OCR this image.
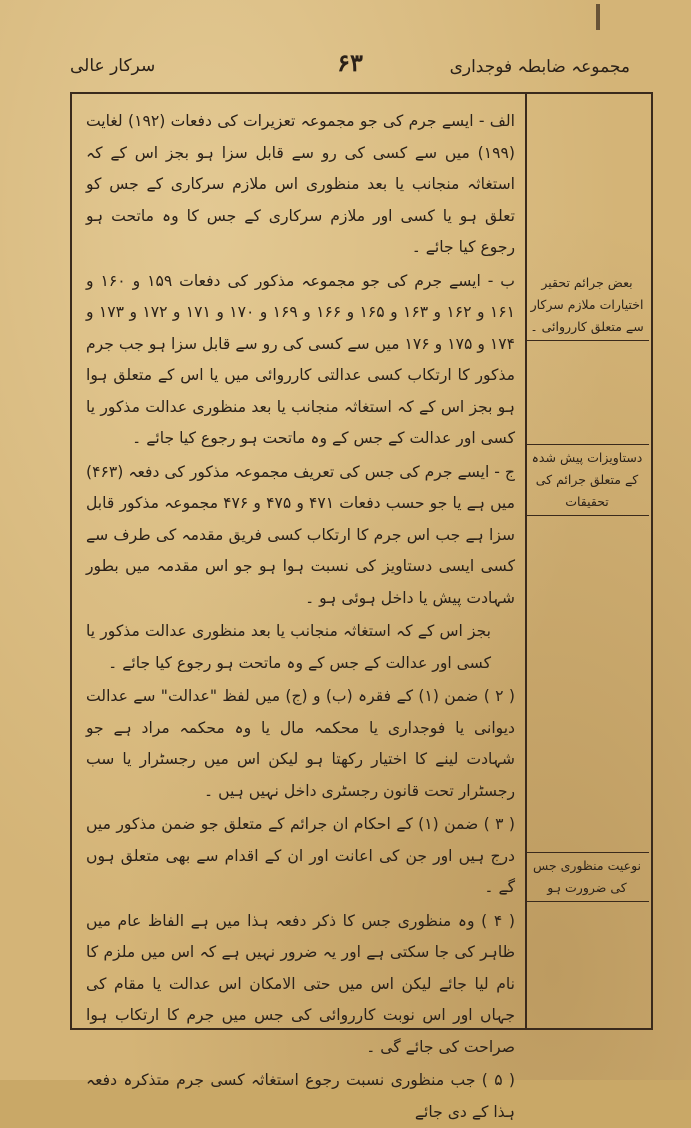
مجموعہ ضابطہ فوجداری
۶۳
سرکار عالی

الف - ایسے جرم کی جو مجموعہ تعزیرات کی دفعات (۱۹۲) لغایت (۱۹۹) میں سے کسی کی رو سے قابل سزا ہو بجز اس کے کہ استغاثہ منجانب یا بعد منظوری اس ملازم سرکاری کے جس کو تعلق ہو یا کسی اور ملازم سرکاری کے جس کا وہ ماتحت ہو رجوع کیا جائے ۔

ب - ایسے جرم کی جو مجموعہ مذکور کی دفعات ۱۵۹ و ۱۶۰ و ۱۶۱ و ۱۶۲ و ۱۶۳ و ۱۶۵ و ۱۶۶ و ۱۶۹ و ۱۷۰ و ۱۷۱ و ۱۷۲ و ۱۷۳ و ۱۷۴ و ۱۷۵ و ۱۷۶ میں سے کسی کی رو سے قابل سزا ہو جب جرم مذکور کا ارتکاب کسی عدالتی کارروائی میں یا اس کے متعلق ہوا ہو بجز اس کے کہ استغاثہ منجانب یا بعد منظوری عدالت مذکور یا کسی اور عدالت کے جس کے وہ ماتحت ہو رجوع کیا جائے ۔

ج - ایسے جرم کی جس کی تعریف مجموعہ مذکور کی دفعہ (۴۶۳) میں ہے یا جو حسب دفعات ۴۷۱ و ۴۷۵ و ۴۷۶ مجموعہ مذکور قابل سزا ہے جب اس جرم کا ارتکاب کسی فریق مقدمہ کی طرف سے کسی ایسی دستاویز کی نسبت ہوا ہو جو اس مقدمہ میں بطور شہادت پیش یا داخل ہوئی ہو ۔

بجز اس کے کہ استغاثہ منجانب یا بعد منظوری عدالت مذکور یا کسی اور عدالت کے جس کے وہ ماتحت ہو رجوع کیا جائے ۔

( ۲ ) ضمن (۱) کے فقرہ (ب) و (ج) میں لفظ "عدالت" سے عدالت دیوانی یا فوجداری یا محکمہ مال یا وہ محکمہ مراد ہے جو شہادت لینے کا اختیار رکھتا ہو لیکن اس میں رجسٹرار یا سب رجسٹرار تحت قانون رجسٹری داخل نہیں ہیں ۔

( ۳ ) ضمن (۱) کے احکام ان جرائم کے متعلق جو ضمن مذکور میں درج ہیں اور جن کی اعانت اور ان کے اقدام سے بھی متعلق ہوں گے ۔

( ۴ ) وہ منظوری جس کا ذکر دفعہ ہذا میں ہے الفاظ عام میں ظاہر کی جا سکتی ہے اور یہ ضرور نہیں ہے کہ اس میں ملزم کا نام لیا جائے لیکن اس میں حتی الامکان اس عدالت یا مقام کی جہاں اور اس نوبت کارروائی کی جس میں جرم کا ارتکاب ہوا صراحت کی جائے گی ۔

( ۵ ) جب منظوری نسبت رجوع استغاثہ کسی جرم متذکرہ دفعہ ہذا کے دی جائے

بعض جرائم تحقیر اختیارات ملازم سرکار سے متعلق کارروائی ۔
دستاویزات پیش شدہ کے متعلق جرائم کی تحقیقات
نوعیت منظوری جس کی ضرورت ہو
